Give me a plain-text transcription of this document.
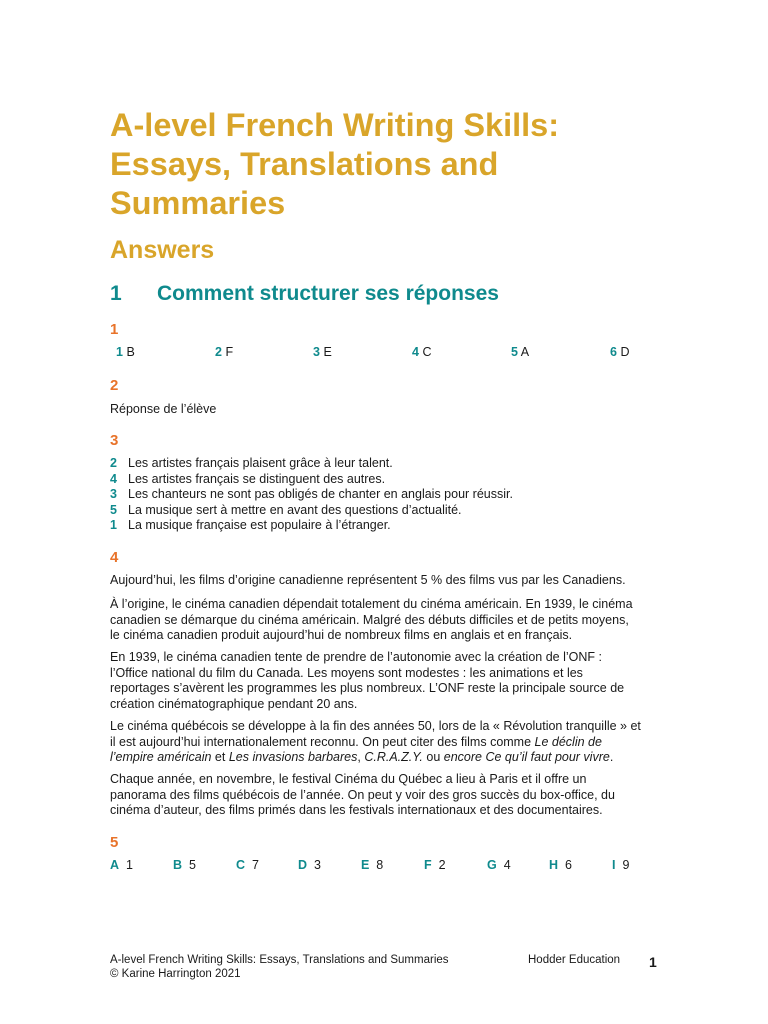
A-level French Writing Skills:
Essays, Translations and
Summaries
Answers
1 Comment structurer ses réponses
1
1 B	2 F	3 E	4 C	5 A	6 D
2
Réponse de l’élève
3
2 Les artistes français plaisent grâce à leur talent.
4 Les artistes français se distinguent des autres.
3 Les chanteurs ne sont pas obligés de chanter en anglais pour réussir.
5 La musique sert à mettre en avant des questions d’actualité.
1 La musique française est populaire à l’étranger.
4
Aujourd’hui, les films d’origine canadienne représentent 5 % des films vus par les Canadiens.
À l’origine, le cinéma canadien dépendait totalement du cinéma américain. En 1939, le cinéma
canadien se démarque du cinéma américain. Malgré des débuts difficiles et de petits moyens,
le cinéma canadien produit aujourd’hui de nombreux films en anglais et en français.
En 1939, le cinéma canadien tente de prendre de l’autonomie avec la création de l’ONF :
l’Office national du film du Canada. Les moyens sont modestes : les animations et les
reportages s’avèrent les programmes les plus nombreux. L’ONF reste la principale source de
création cinématographique pendant 20 ans.
Le cinéma québécois se développe à la fin des années 50, lors de la « Révolution tranquille » et
il est aujourd’hui internationalement reconnu. On peut citer des films comme Le déclin de
l’empire américain et Les invasions barbares, C.R.A.Z.Y. ou encore Ce qu’il faut pour vivre.
Chaque année, en novembre, le festival Cinéma du Québec a lieu à Paris et il offre un
panorama des films québécois de l’année. On peut y voir des gros succès du box-office, du
cinéma d’auteur, des films primés dans les festivals internationaux et des documentaires.
5
A 1	B 5	C 7	D 3	E 8	F 2	G 4	H 6	I 9
A-level French Writing Skills: Essays, Translations and Summaries
© Karine Harrington 2021
Hodder Education 1
